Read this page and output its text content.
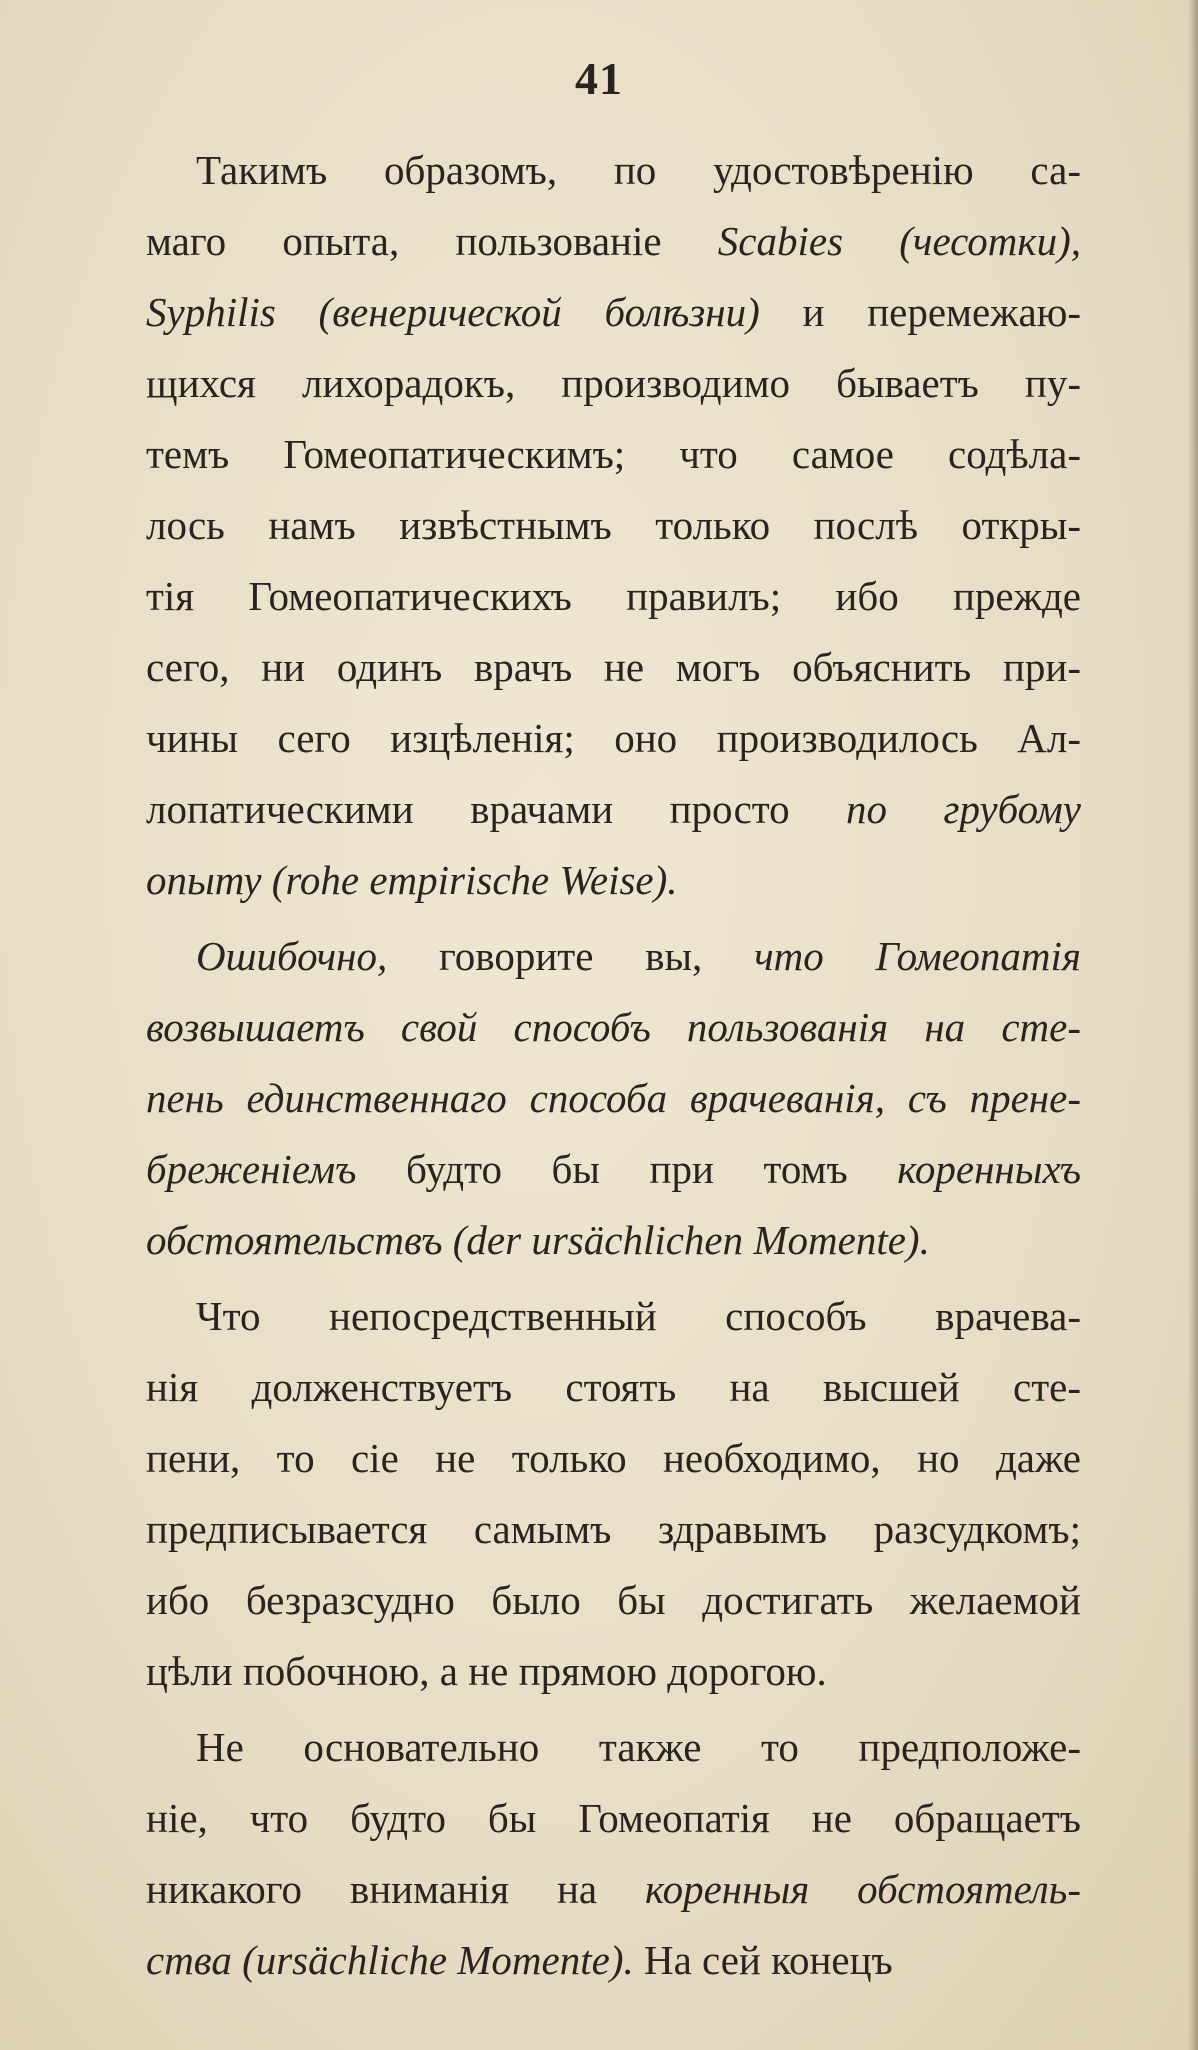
41
Такимъ образомъ, по удостовѣренію са-
маго опыта, пользованіе Scabies (чесотки),
Syphilis (венерической болѣзни) и перемежаю-
щихся лихорадокъ, производимо бываетъ пу-
темъ Гомеопатическимъ; что самое содѣла-
лось намъ извѣстнымъ только послѣ откры-
тія Гомеопатическихъ правилъ; ибо прежде
сего, ни одинъ врачъ не могъ объяснить при-
чины сего изцѣленія; оно производилось Ал-
лопатическими врачами просто по грубому
опыту (rohe empirische Weise).
Ошибочно, говорите вы, что Гомеопатія
возвышаетъ свой способъ пользованія на сте-
пень единственнаго способа врачеванія, съ прене-
бреженіемъ будто бы при томъ коренныхъ
обстоятельствъ (der ursächlichen Momente).
Что непосредственный способъ врачева-
нія долженствуетъ стоять на высшей сте-
пени, то сіе не только необходимо, но даже
предписывается самымъ здравымъ разсудкомъ;
ибо безразсудно было бы достигать желаемой
цѣли побочною, а не прямою дорогою.
Не основательно также то предположе-
ніе, что будто бы Гомеопатія не обращаетъ
никакого вниманія на коренныя обстоятель-
ства (ursächliche Momente). На сей конецъ
